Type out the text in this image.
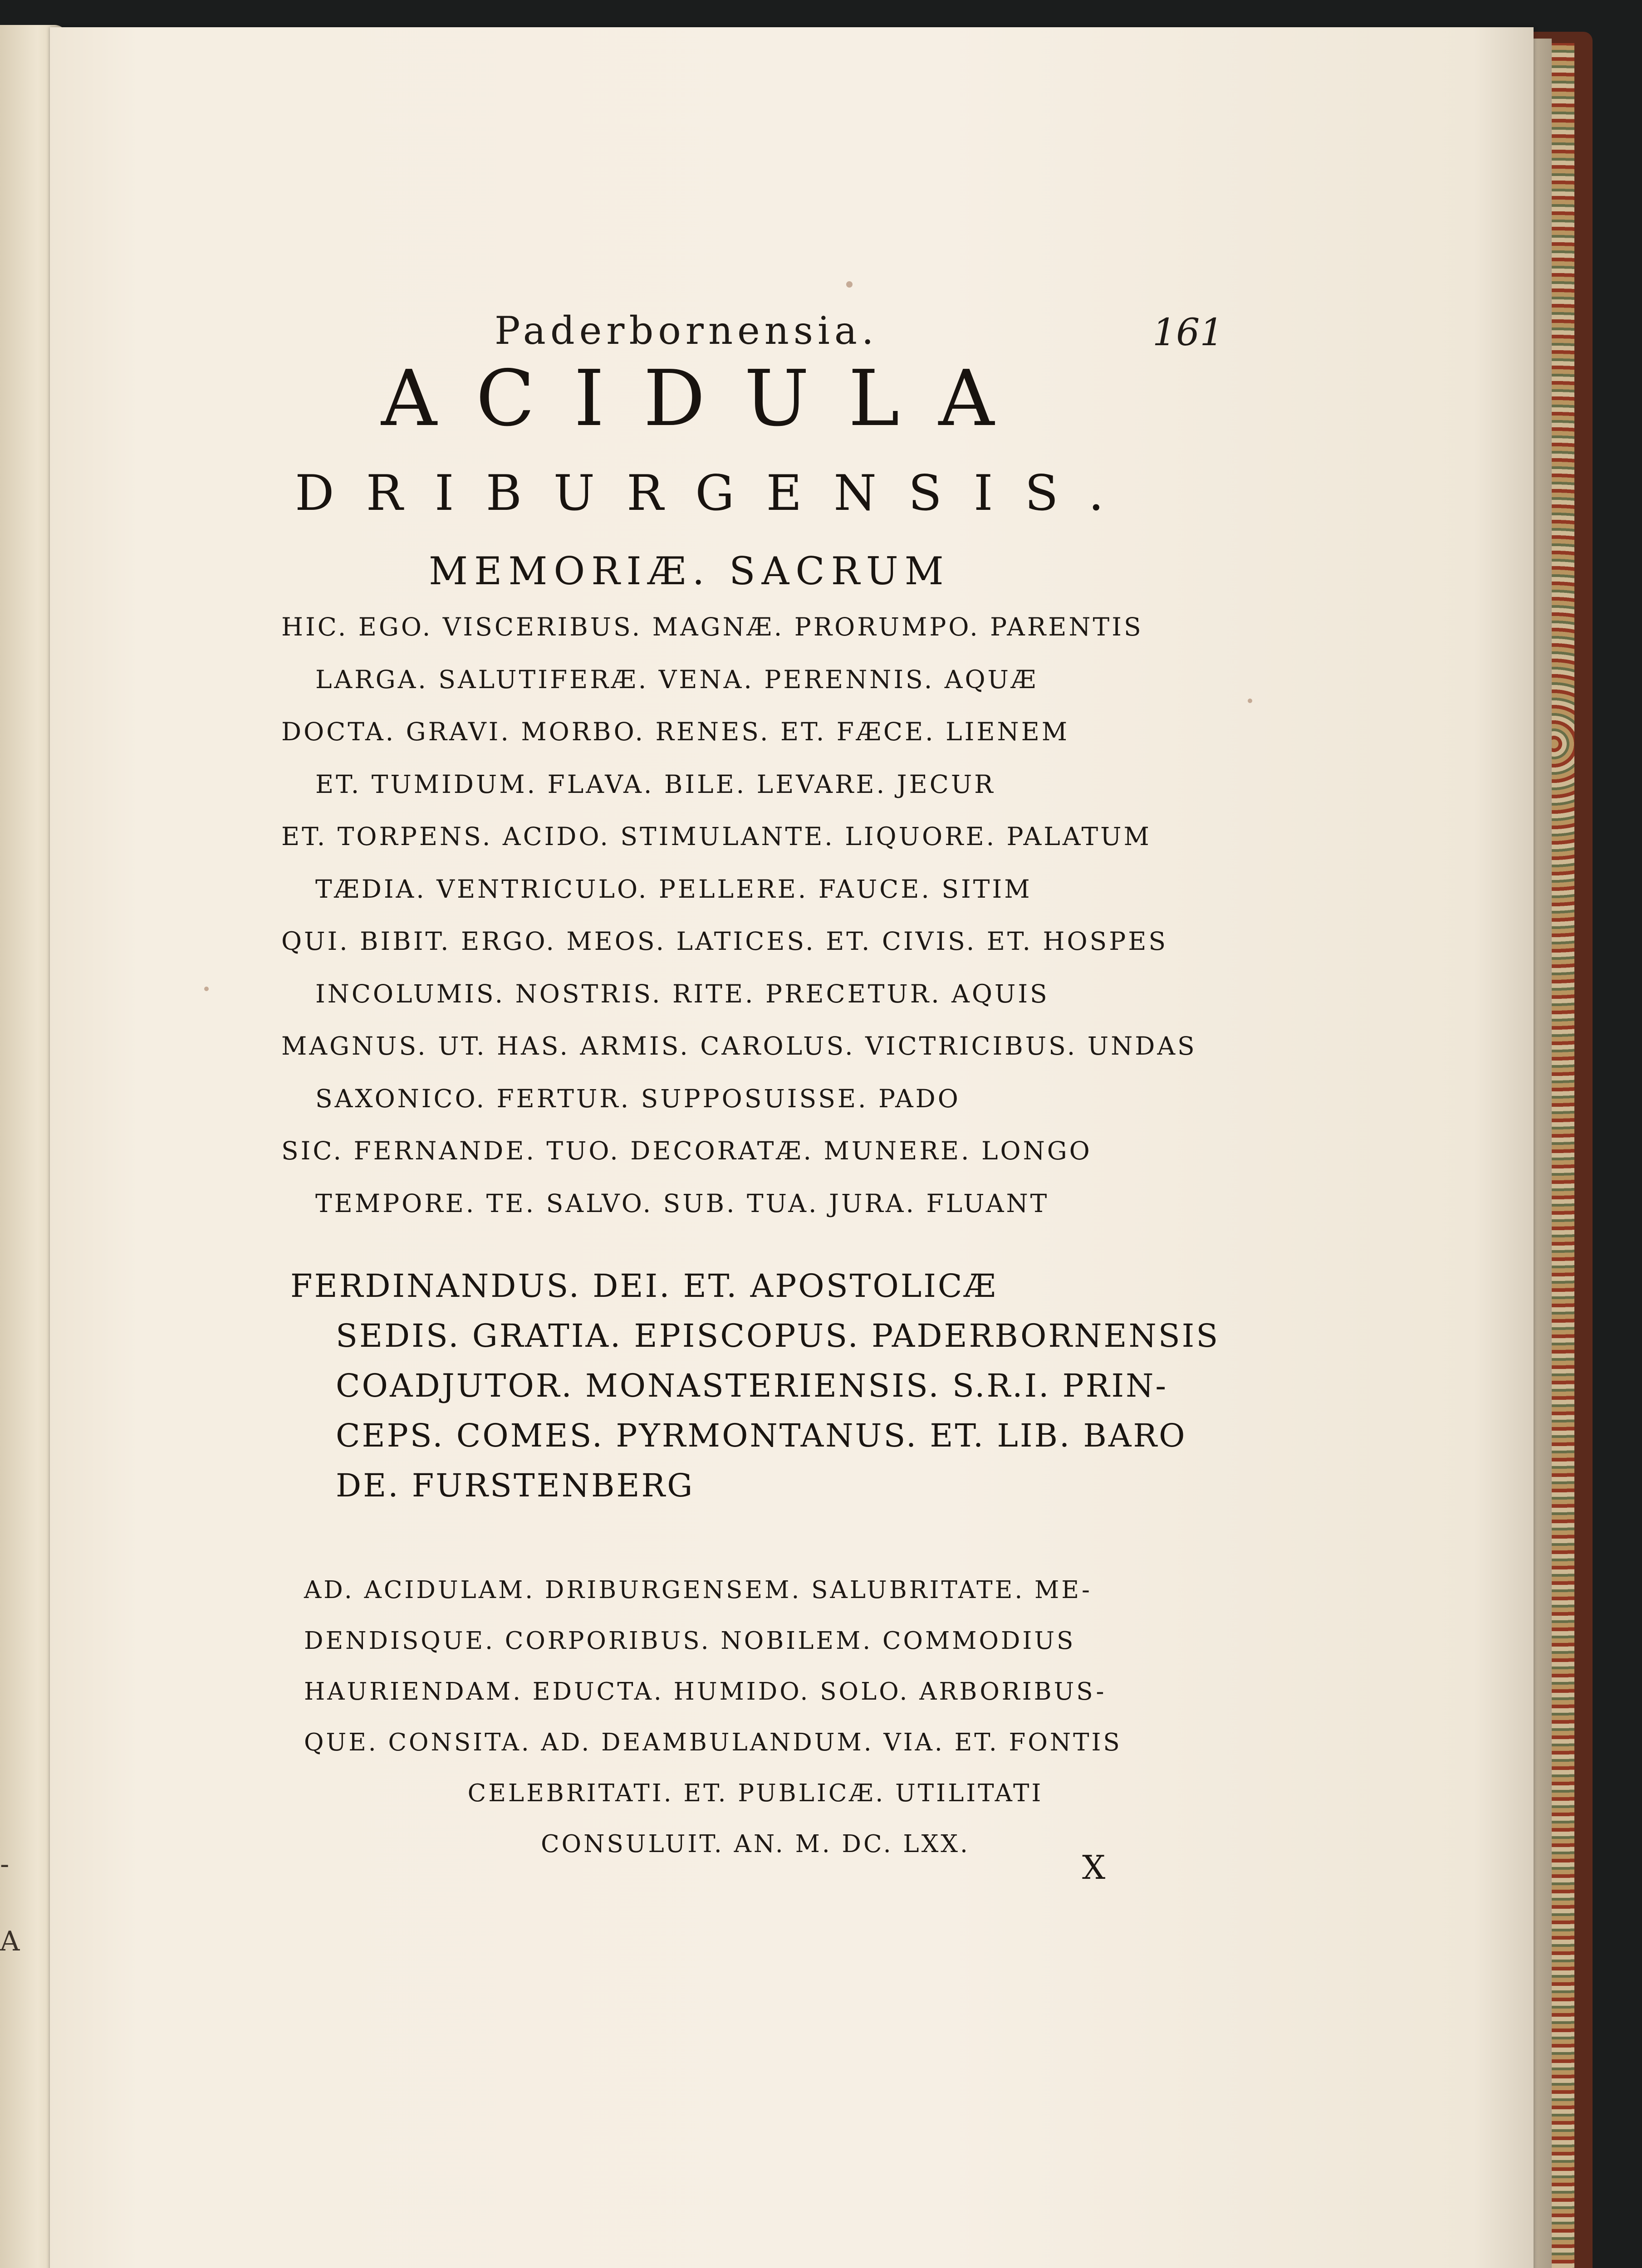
-
A
Paderbornensia.	161
ACIDULA
DRIBURGENSIS.
MEMORIÆ. SACRUM
HIC. EGO. VISCERIBUS. MAGNÆ. PRORUMPO. PARENTIS
LARGA. SALUTIFERÆ. VENA. PERENNIS. AQUÆ
DOCTA. GRAVI. MORBO. RENES. ET. FÆCE. LIENEM
ET. TUMIDUM. FLAVA. BILE. LEVARE. JECUR
ET. TORPENS. ACIDO. STIMULANTE. LIQUORE. PALATUM
TÆDIA. VENTRICULO. PELLERE. FAUCE. SITIM
QUI. BIBIT. ERGO. MEOS. LATICES. ET. CIVIS. ET. HOSPES
INCOLUMIS. NOSTRIS. RITE. PRECETUR. AQUIS
MAGNUS. UT. HAS. ARMIS. CAROLUS. VICTRICIBUS. UNDAS
SAXONICO. FERTUR. SUPPOSUISSE. PADO
SIC. FERNANDE. TUO. DECORATÆ. MUNERE. LONGO
TEMPORE. TE. SALVO. SUB. TUA. JURA. FLUANT
FERDINANDUS. DEI. ET. APOSTOLICÆ
SEDIS. GRATIA. EPISCOPUS. PADERBORNENSIS
COADJUTOR. MONASTERIENSIS. S.R.I. PRIN-
CEPS. COMES. PYRMONTANUS. ET. LIB. BARO
DE. FURSTENBERG
AD. ACIDULAM. DRIBURGENSEM. SALUBRITATE. ME-
DENDISQUE. CORPORIBUS. NOBILEM. COMMODIUS
HAURIENDAM. EDUCTA. HUMIDO. SOLO. ARBORIBUS-
QUE. CONSITA. AD. DEAMBULANDUM. VIA. ET. FONTIS
CELEBRITATI. ET. PUBLICÆ. UTILITATI
CONSULUIT. AN. M. DC. LXX.
X
